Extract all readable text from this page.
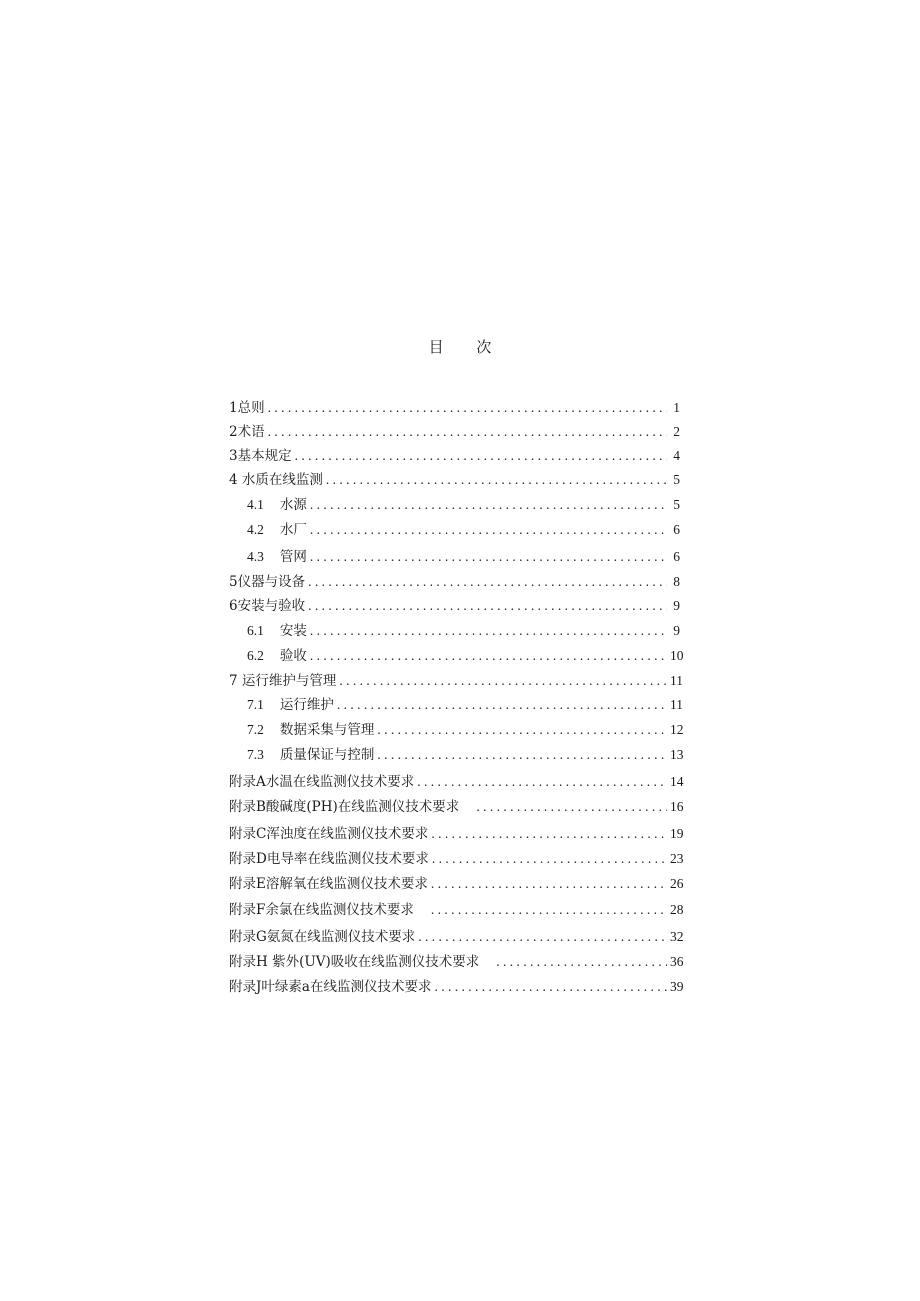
目 次
1总则 . . .	1
2术语 . . .	2
3基本规定 . . .	4
4 水质在线监测 . . .	5
4.1 水源 . . .	5
4.2 水厂 . . .	6
4.3 管网 . . .	6
5仪器与设备 . . .	8
6安装与验收 . . .	9
6.1 安装 . . .	9
6.2 验收 . . .	10
7 运行维护与管理 . . .	11
7.1 运行维护 . . .	11
7.2 数据采集与管理 . . .	12
7.3 质量保证与控制 . . .	13
附录A水温在线监测仪技术要求 . . .	14
附录B酸碱度(PH)在线监测仪技术要求 . . .	16
附录C浑浊度在线监测仪技术要求 . . .	19
附录D电导率在线监测仪技术要求 . . .	23
附录E溶解氧在线监测仪技术要求 . . .	26
附录F余氯在线监测仪技术要求 . . .	28
附录G氨氮在线监测仪技术要求 . . .	32
附录H 紫外(UV)吸收在线监测仪技术要求 . . .	36
附录J叶绿素a在线监测仪技术要求 . . .	39
